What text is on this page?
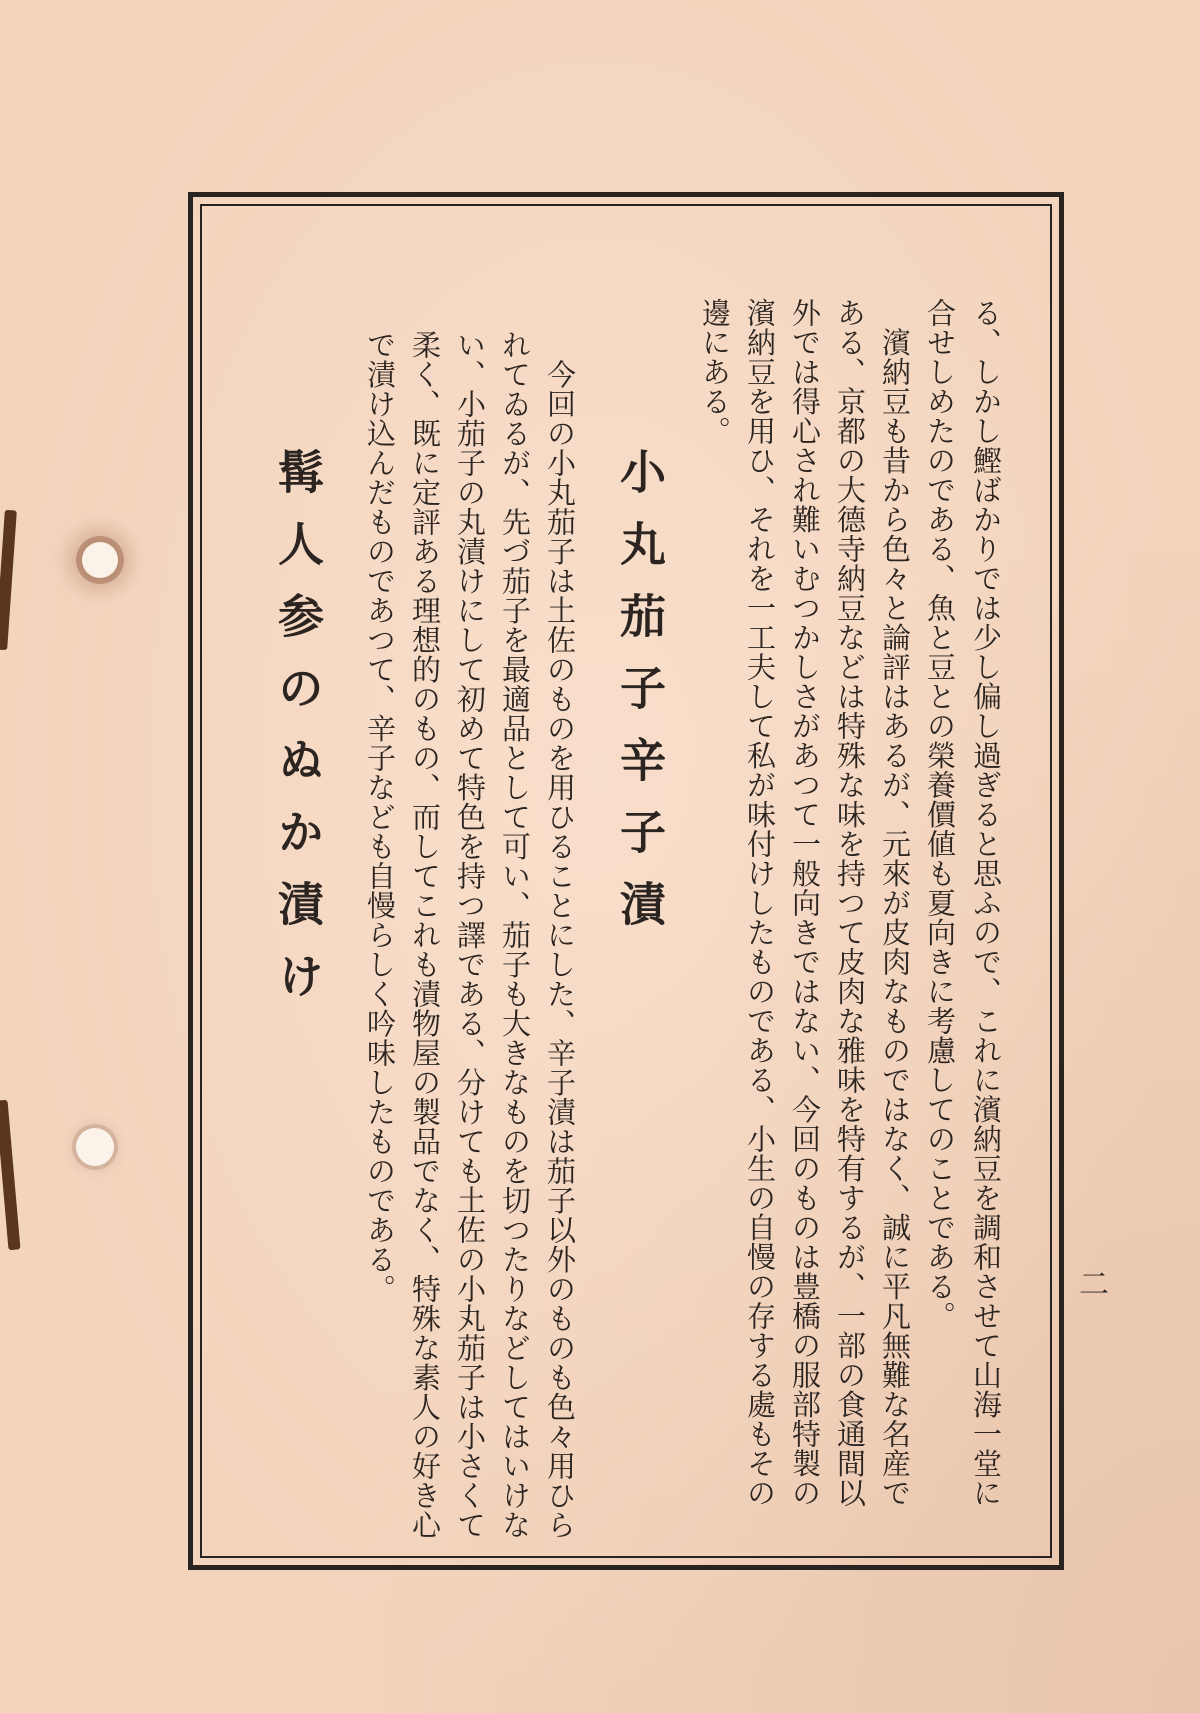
る、しかし鰹ばかりでは少し偏し過ぎると思ふので、これに濱納豆を調和させて山海一堂に
合せしめたのである、魚と豆との榮養價値も夏向きに考慮してのことである。
　濱納豆も昔から色々と論評はあるが、元來が皮肉なものではなく、誠に平凡無難な名産で
ある、京都の大德寺納豆などは特殊な味を持つて皮肉な雅味を特有するが、一部の食通間以
外では得心され難いむつかしさがあつて一般向きではない、今回のものは豊橋の服部特製の
濱納豆を用ひ、それを一工夫して私が味付けしたものである、小生の自慢の存する處もその
邊にある。
小丸茄子辛子漬
　今回の小丸茄子は土佐のものを用ひることにした、辛子漬は茄子以外のものも色々用ひら
れてゐるが、先づ茄子を最適品として可い、茄子も大きなものを切つたりなどしてはいけな
い、小茄子の丸漬けにして初めて特色を持つ譯である、分けても土佐の小丸茄子は小さくて
柔く、既に定評ある理想的のもの、而してこれも漬物屋の製品でなく、特殊な素人の好き心
で漬け込んだものであつて、辛子なども自慢らしく吟味したものである。
髯人参のぬか漬け
二
